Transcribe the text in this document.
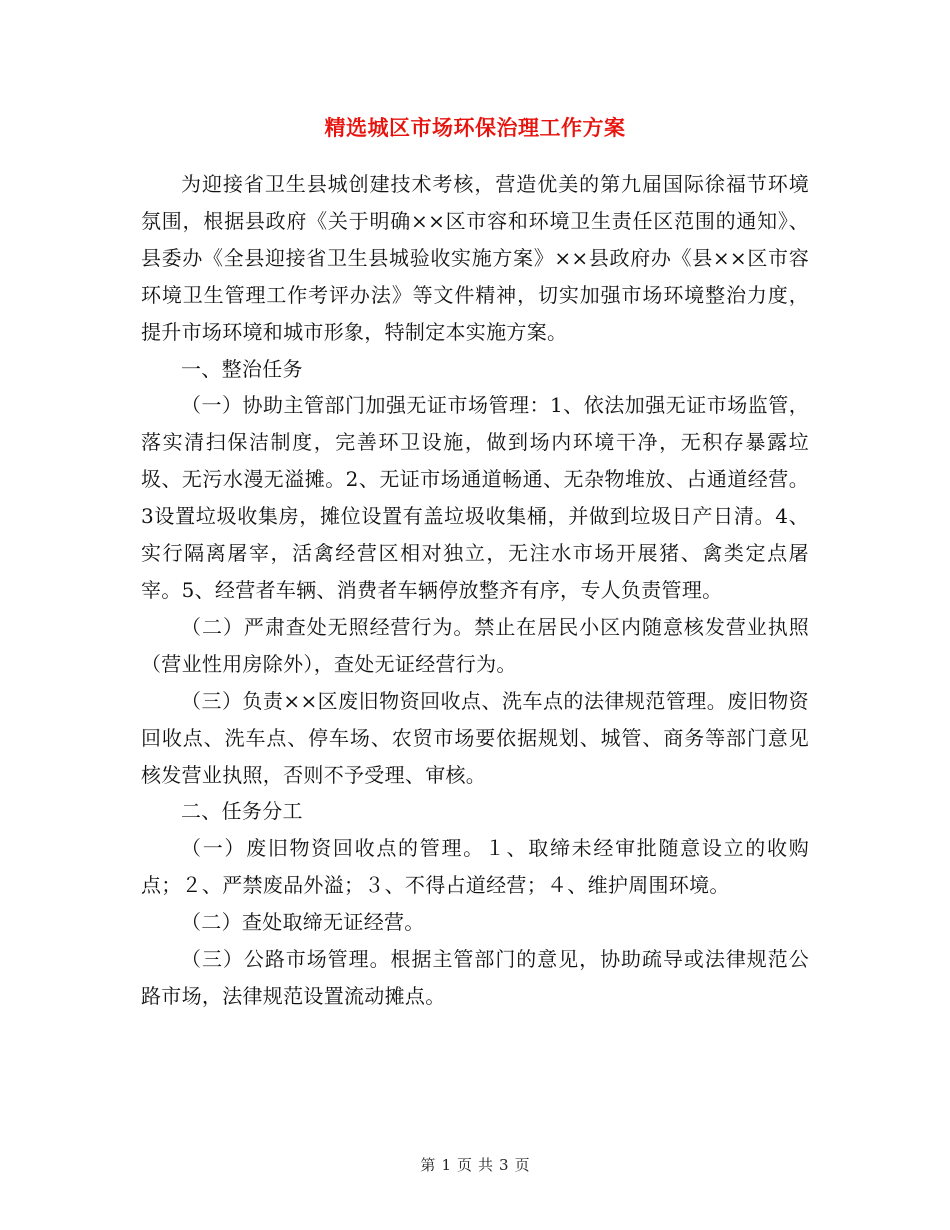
精选城区市场环保治理工作方案

为迎接省卫生县城创建技术考核，营造优美的第九届国际徐福节环境氛围，根据县政府《关于明确××区市容和环境卫生责任区范围的通知》、县委办《全县迎接省卫生县城验收实施方案》××县政府办《县××区市容环境卫生管理工作考评办法》等文件精神，切实加强市场环境整治力度，提升市场环境和城市形象，特制定本实施方案。

一、整治任务

（一）协助主管部门加强无证市场管理：1、依法加强无证市场监管，落实清扫保洁制度，完善环卫设施，做到场内环境干净，无积存暴露垃圾、无污水漫无溢摊。2、无证市场通道畅通、无杂物堆放、占通道经营。3设置垃圾收集房，摊位设置有盖垃圾收集桶，并做到垃圾日产日清。4、实行隔离屠宰，活禽经营区相对独立，无注水市场开展猪、禽类定点屠宰。5、经营者车辆、消费者车辆停放整齐有序，专人负责管理。

（二）严肃查处无照经营行为。禁止在居民小区内随意核发营业执照（营业性用房除外），查处无证经营行为。

（三）负责××区废旧物资回收点、洗车点的法律规范管理。废旧物资回收点、洗车点、停车场、农贸市场要依据规划、城管、商务等部门意见核发营业执照，否则不予受理、审核。

二、任务分工

（一）废旧物资回收点的管理。１、取缔未经审批随意设立的收购点；２、严禁废品外溢；３、不得占道经营；４、维护周围环境。

（二）查处取缔无证经营。

（三）公路市场管理。根据主管部门的意见，协助疏导或法律规范公路市场，法律规范设置流动摊点。

第 1 页 共 3 页
